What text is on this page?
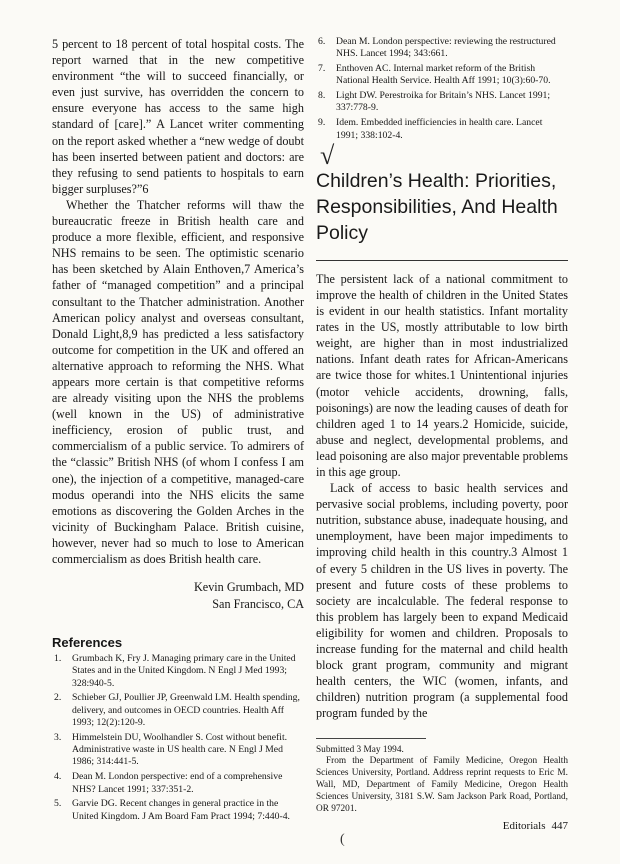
5 percent to 18 percent of total hospital costs. The report warned that in the new competitive environment “the will to succeed financially, or even just survive, has overridden the concern to ensure everyone has access to the same high standard of [care].” A Lancet writer commenting on the report asked whether a “new wedge of doubt has been inserted between patient and doctors: are they refusing to send patients to hospitals to earn bigger surpluses?”6

Whether the Thatcher reforms will thaw the bureaucratic freeze in British health care and produce a more flexible, efficient, and responsive NHS remains to be seen. The optimistic scenario has been sketched by Alain Enthoven,7 America’s father of “managed competition” and a principal consultant to the Thatcher administration. Another American policy analyst and overseas consultant, Donald Light,8,9 has predicted a less satisfactory outcome for competition in the UK and offered an alternative approach to reforming the NHS. What appears more certain is that competitive reforms are already visiting upon the NHS the problems (well known in the US) of administrative inefficiency, erosion of public trust, and commercialism of a public service. To admirers of the “classic” British NHS (of whom I confess I am one), the injection of a competitive, managed-care modus operandi into the NHS elicits the same emotions as discovering the Golden Arches in the vicinity of Buckingham Palace. British cuisine, however, never had so much to lose to American commercialism as does British health care.

Kevin Grumbach, MD
San Francisco, CA
References
1.	Grumbach K, Fry J. Managing primary care in the United States and in the United Kingdom. N Engl J Med 1993; 328:940-5.
2.	Schieber GJ, Poullier JP, Greenwald LM. Health spending, delivery, and outcomes in OECD countries. Health Aff 1993; 12(2):120-9.
3.	Himmelstein DU, Woolhandler S. Cost without benefit. Administrative waste in US health care. N Engl J Med 1986; 314:441-5.
4.	Dean M. London perspective: end of a comprehensive NHS? Lancet 1991; 337:351-2.
5.	Garvie DG. Recent changes in general practice in the United Kingdom. J Am Board Fam Pract 1994; 7:440-4.
6.	Dean M. London perspective: reviewing the restructured NHS. Lancet 1994; 343:661.
7.	Enthoven AC. Internal market reform of the British National Health Service. Health Aff 1991; 10(3):60-70.
8.	Light DW. Perestroika for Britain’s NHS. Lancet 1991; 337:778-9.
9.	Idem. Embedded inefficiencies in health care. Lancet 1991; 338:102-4.
√
Children’s Health: Priorities, Responsibilities, And Health Policy

The persistent lack of a national commitment to improve the health of children in the United States is evident in our health statistics. Infant mortality rates in the US, mostly attributable to low birth weight, are higher than in most industrialized nations. Infant death rates for African-Americans are twice those for whites.1 Unintentional injuries (motor vehicle accidents, drowning, falls, poisonings) are now the leading causes of death for children aged 1 to 14 years.2 Homicide, suicide, abuse and neglect, developmental problems, and lead poisoning are also major preventable problems in this age group.

Lack of access to basic health services and pervasive social problems, including poverty, poor nutrition, substance abuse, inadequate housing, and unemployment, have been major impediments to improving child health in this country.3 Almost 1 of every 5 children in the US lives in poverty. The present and future costs of these problems to society are incalculable. The federal response to this problem has largely been to expand Medicaid eligibility for women and children. Proposals to increase funding for the maternal and child health block grant program, community and migrant health centers, the WIC (women, infants, and children) nutrition program (a supplemental food program funded by the

Submitted 3 May 1994.

From the Department of Family Medicine, Oregon Health Sciences University, Portland. Address reprint requests to Eric M. Wall, MD, Department of Family Medicine, Oregon Health Sciences University, 3181 S.W. Sam Jackson Park Road, Portland, OR 97201.

Editorials 447
(
